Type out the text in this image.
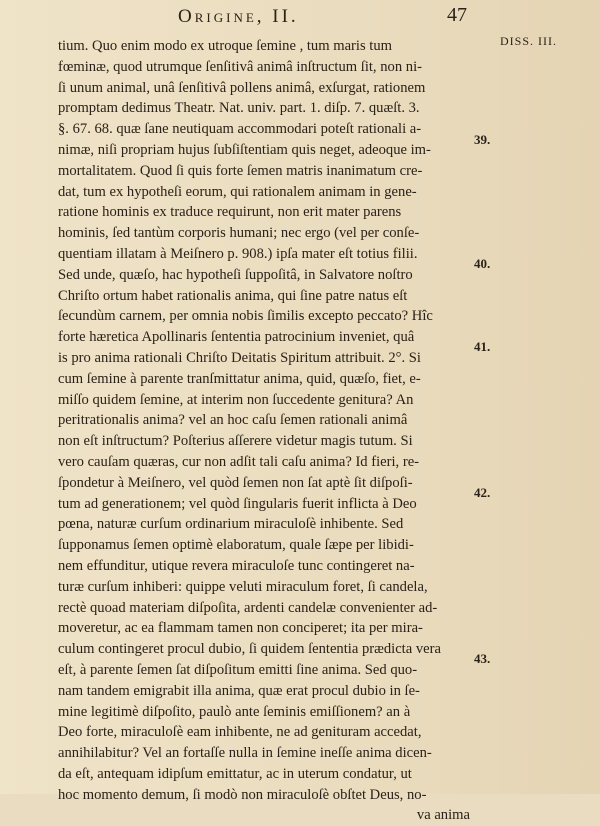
Origine, II.	47
DISS. III.
tium. Quo enim modo ex utroque ſemine , tum maris tum
fœminæ, quod utrumque ſenſitivâ animâ inſtructum ſit, non ni-
ſi unum animal, unâ ſenſitivâ pollens animâ, exſurgat, rationem
promptam dedimus Theatr. Nat. univ. part. 1. diſp. 7. quæſt. 3.
§. 67. 68. quæ ſane neutiquam accommodari poteſt rationali a-
nimæ, niſi propriam hujus ſubſiſtentiam quis neget, adeoque im-
mortalitatem. Quod ſi quis forte ſemen matris inanimatum cre-
dat, tum ex hypotheſi eorum, qui rationalem animam in gene-
ratione hominis ex traduce requirunt, non erit mater parens
hominis, ſed tantùm corporis humani; nec ergo (vel per conſe-
quentiam illatam à Meiſnero p. 908.) ipſa mater eſt totius filii.
Sed unde, quæſo, hac hypotheſi ſuppoſitâ, in Salvatore noſtro
Chriſto ortum habet rationalis anima, qui ſine patre natus eſt
ſecundùm carnem, per omnia nobis ſimilis excepto peccato? Hîc
forte hæretica Apollinaris ſententia patrocinium inveniet, quâ
is pro anima rationali Chriſto Deitatis Spiritum attribuit. 2°. Si
cum ſemine à parente tranſmittatur anima, quid, quæſo, fiet, e-
miſſo quidem ſemine, at interim non ſuccedente genitura? An
peritrationalis anima? vel an hoc caſu ſemen rationali animâ
non eſt inſtructum? Poſterius aſſerere videtur magis tutum. Si
vero cauſam quæras, cur non adſit tali caſu anima? Id fieri, re-
ſpondetur à Meiſnero, vel quòd ſemen non ſat aptè ſit diſpoſi-
tum ad generationem; vel quòd ſingularis fuerit inflicta à Deo
pœna, naturæ curſum ordinarium miraculoſè inhibente. Sed
ſupponamus ſemen optimè elaboratum, quale ſæpe per libidi-
nem effunditur, utique revera miraculoſe tunc contingeret na-
turæ curſum inhiberi: quippe veluti miraculum foret, ſi candela,
rectè quoad materiam diſpoſita, ardenti candelæ convenienter ad-
moveretur, ac ea flammam tamen non conciperet; ita per mira-
culum contingeret procul dubio, ſi quidem ſententia prædicta vera
eſt, à parente ſemen ſat diſpoſitum emitti ſine anima. Sed quo-
nam tandem emigrabit illa anima, quæ erat procul dubio in ſe-
mine legitimè diſpoſito, paulò ante ſeminis emiſſionem? an à
Deo forte, miraculoſè eam inhibente, ne ad genituram accedat,
annihilabitur? Vel an fortaſſe nulla in ſemine ineſſe anima dicen-
da eſt, antequam idipſum emittatur, ac in uterum condatur, ut
hoc momento demum, ſi modò non miraculoſè obſtet Deus, no-
va anima
39.
40.
41.
42.
43.
